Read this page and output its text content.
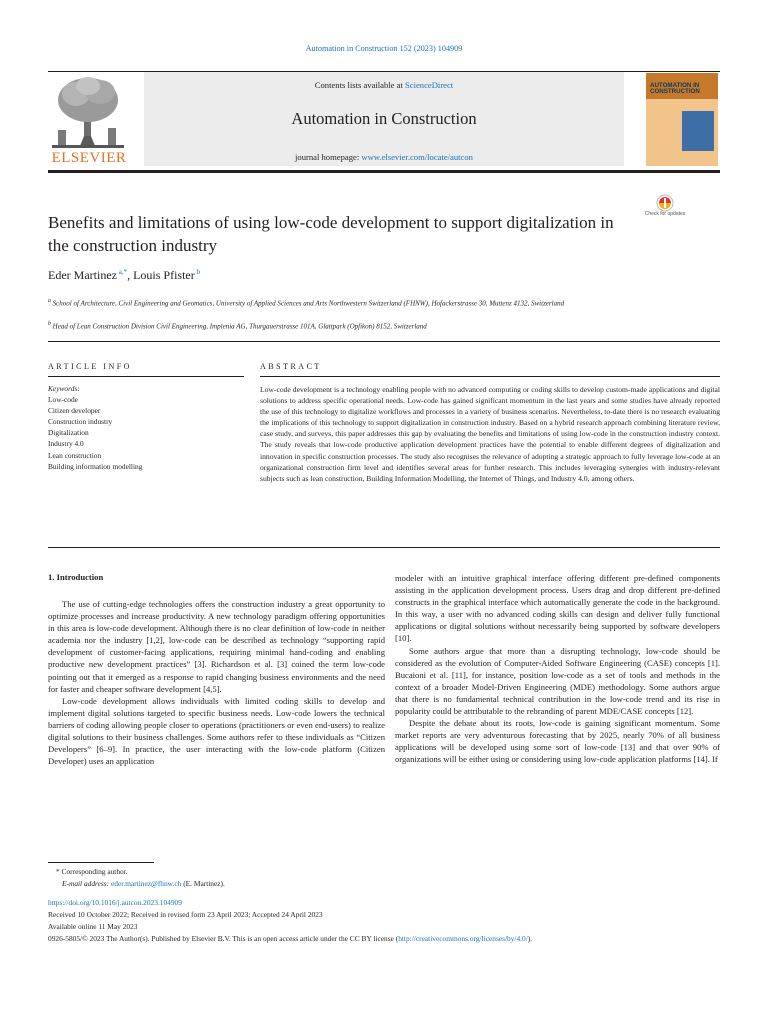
Automation in Construction 152 (2023) 104909
ELSEVIER
Contents lists available at ScienceDirect
Automation in Construction
journal homepage: www.elsevier.com/locate/autcon
AUTOMATION IN CONSTRUCTION
Check for updates
Benefits and limitations of using low-code development to support digitalization in the construction industry
Eder Martinez $^{a,*}$, Louis Pfister $^b$
$^a$ School of Architecture, Civil Engineering and Geomatics, University of Applied Sciences and Arts Northwestern Switzerland (FHNW), Hofackerstrasse 30, Muttenz 4132, Switzerland
$^b$ Head of Lean Construction Division Civil Engineering, Implenia AG, Thurgauerstrasse 101A, Glattpark (Opfikon) 8152, Switzerland
ARTICLE INFO	ABSTRACT
Keywords:
Low-code
Citizen developer
Construction industry
Digitalization
Industry 4.0
Lean construction
Building information modelling
Low-code development is a technology enabling people with no advanced computing or coding skills to develop custom-made applications and digital solutions to address specific operational needs. Low-code has gained significant momentum in the last years and some studies have already reported the use of this technology to digitalize workflows and processes in a variety of business scenarios. Nevertheless, to-date there is no research evaluating the implications of this technology to support digitalization in construction industry. Based on a hybrid research approach combining literature review, case study, and surveys, this paper addresses this gap by evaluating the benefits and limitations of using low-code in the construction industry context. The study reveals that low-code productive application development practices have the potential to enable different degrees of digitalization and innovation in specific construction processes. The study also recognises the relevance of adopting a strategic approach to fully leverage low-code at an organizational construction firm level and identifies several areas for further research. This includes leveraging synergies with industry-relevant subjects such as lean construction, Building Information Modelling, the Internet of Things, and Industry 4.0, among others.
1. Introduction

The use of cutting-edge technologies offers the construction industry a great opportunity to optimize processes and increase productivity. A new technology paradigm offering opportunities in this area is low-code development. Although there is no clear definition of low-code in neither academia nor the industry [1,2], low-code can be described as technology “supporting rapid development of customer-facing applications, requiring minimal hand-coding and enabling productive new development practices” [3]. Richardson et al. [3] coined the term low-code pointing out that it emerged as a response to rapid changing business environments and the need for faster and cheaper software development [4,5].

Low-code development allows individuals with limited coding skills to develop and implement digital solutions targeted to specific business needs. Low-code lowers the technical barriers of coding allowing people closer to operations (practitioners or even end-users) to realize digital solutions to their business challenges. Some authors refer to these individuals as “Citizen Developers” [6–9]. In practice, the user interacting with the low-code platform (Citizen Developer) uses an application

modeler with an intuitive graphical interface offering different pre-defined components assisting in the application development process. Users drag and drop different pre-defined constructs in the graphical interface which automatically generate the code in the background. In this way, a user with no advanced coding skills can design and deliver fully functional applications or digital solutions without necessarily being supported by software developers [10].

Some authors argue that more than a disrupting technology, low-code should be considered as the evolution of Computer-Aided Software Engineering (CASE) concepts [1]. Bucaioni et al. [11], for instance, position low-code as a set of tools and methods in the context of a broader Model-Driven Engineering (MDE) methodology. Some authors argue that there is no fundamental technical contribution in the low-code trend and its rise in popularity could be attributable to the rebranding of parent MDE/CASE concepts [12].

Despite the debate about its roots, low-code is gaining significant momentum. Some market reports are very adventurous forecasting that by 2025, nearly 70% of all business applications will be developed using some sort of low-code [13] and that over 90% of organizations will be either using or considering using low-code application platforms [14]. If

* Corresponding author.
E-mail address: eder.martinez@fhnw.ch (E. Martinez).
https://doi.org/10.1016/j.autcon.2023.104909
Received 10 October 2022; Received in revised form 23 April 2023; Accepted 24 April 2023
Available online 11 May 2023
0926-5805/© 2023 The Author(s). Published by Elsevier B.V. This is an open access article under the CC BY license (http://creativecommons.org/licenses/by/4.0/).
